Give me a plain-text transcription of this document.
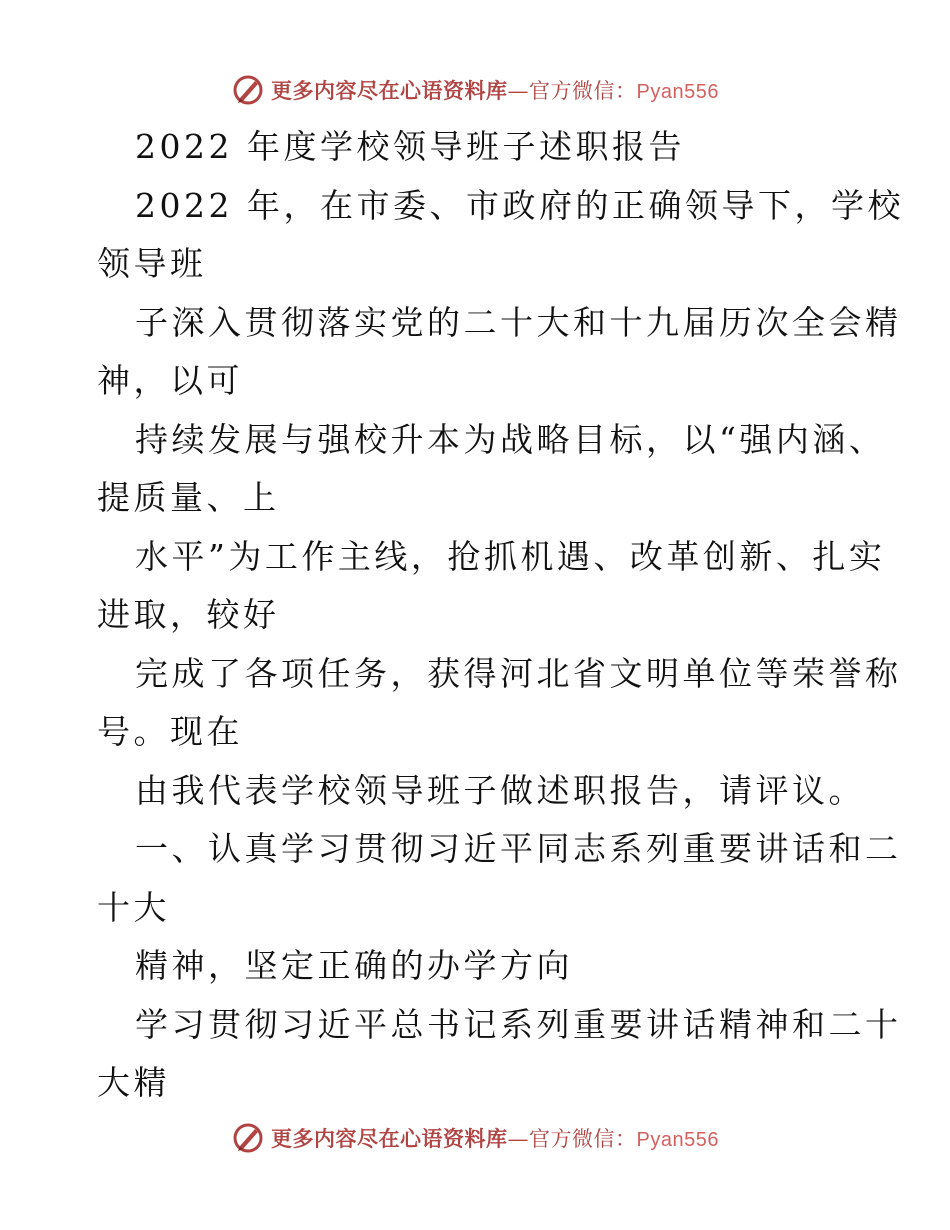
更多内容尽在心语资料库 — 官方微信： Pyan556
2022 年度学校领导班子述职报告
2022 年，在市委、市政府的正确领导下，学校
领导班
子深入贯彻落实党的二十大和十九届历次全会精
神，以可
持续发展与强校升本为战略目标，以“强内涵、
提质量、上
水平”为工作主线，抢抓机遇、改革创新、扎实
进取，较好
完成了各项任务，获得河北省文明单位等荣誉称
号。现在
由我代表学校领导班子做述职报告，请评议。
一、认真学习贯彻习近平同志系列重要讲话和二
十大
精神，坚定正确的办学方向
学习贯彻习近平总书记系列重要讲话精神和二十
大精
更多内容尽在心语资料库 — 官方微信： Pyan556
